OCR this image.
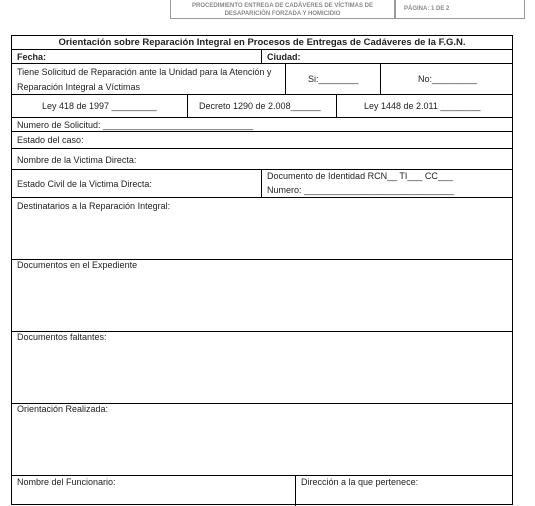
PROCEDIMIENTO ENTREGA DE CADÁVERES DE VÍCTIMAS DE
DESAPARICIÓN FORZADA Y HOMICIDIO
PÁGINA: 1 DE 2
Orientación sobre Reparación Integral en Procesos de Entregas de Cadáveres de la F.G.N.
Fecha:	Ciudad:
Tiene Solicitud de Reparación ante la Unidad para la Atención y
Reparación Integral a Víctimas
Si:________	No:_________
Ley 418 de 1997 _________	Decreto 1290 de 2.008______	Ley 1448 de 2.011 ________
Numero de Solicitud: ______________________________
Estado del caso:
Nombre de la Victima Directa:
Estado Civil de la Victima Directa:
Documento de Identidad RCN__ TI___ CC___
Numero: ______________________________
Destinatarios a la Reparación Integral:
Documentos en el Expediente
Documentos faltantes:
Orientación Realizada:
Nombre del Funcionario:	Dirección a la que pertenece:
